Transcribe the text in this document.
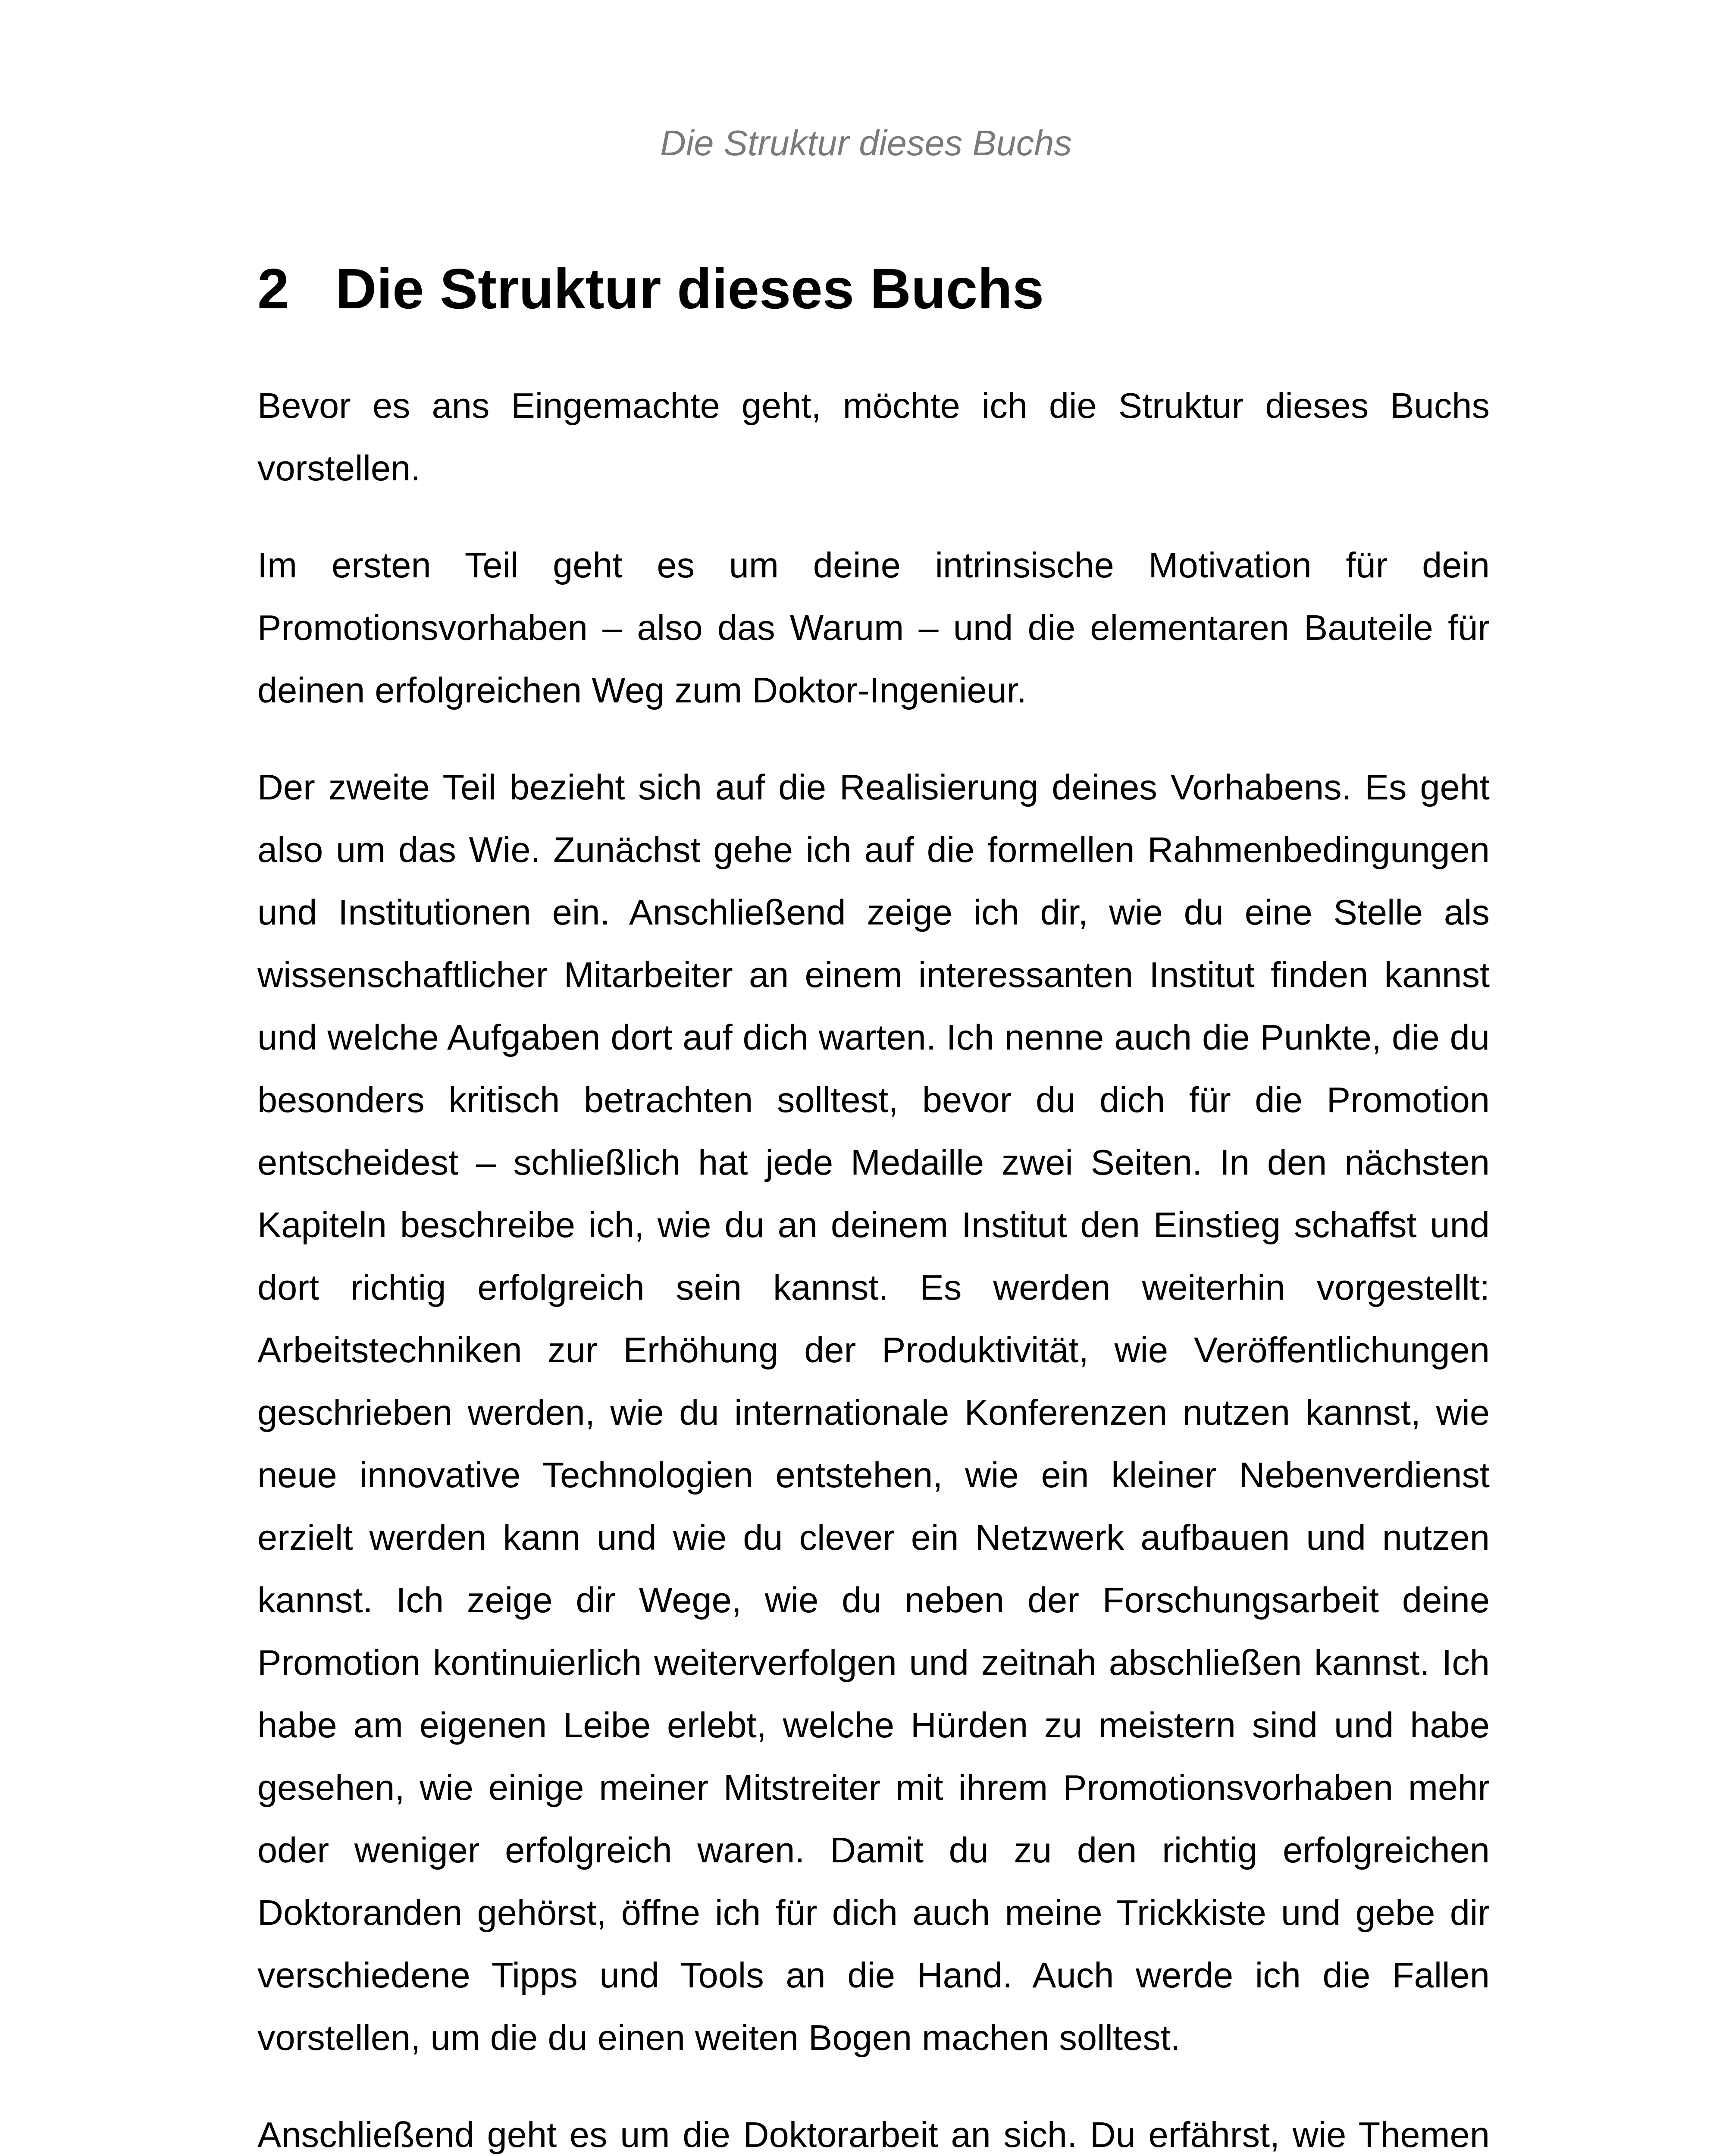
Die Struktur dieses Buchs
2 Die Struktur dieses Buchs

Bevor es ans Eingemachte geht, möchte ich die Struktur dieses Buchs vorstellen.

Im ersten Teil geht es um deine intrinsische Motivation für dein Promotionsvorhaben – also das Warum – und die elementaren Bauteile für deinen erfolgreichen Weg zum Doktor-Ingenieur.

Der zweite Teil bezieht sich auf die Realisierung deines Vorhabens. Es geht also um das Wie. Zunächst gehe ich auf die formellen Rahmenbedingungen und Institutionen ein. Anschließend zeige ich dir, wie du eine Stelle als wissenschaftlicher Mitarbeiter an einem interessanten Institut finden kannst und welche Aufgaben dort auf dich warten. Ich nenne auch die Punkte, die du besonders kritisch betrachten solltest, bevor du dich für die Promotion entscheidest – schließlich hat jede Medaille zwei Seiten. In den nächsten Kapiteln beschreibe ich, wie du an deinem Institut den Einstieg schaffst und dort richtig erfolgreich sein kannst. Es werden weiterhin vorgestellt: Arbeitstechniken zur Erhöhung der Produktivität, wie Veröffentlichungen geschrieben werden, wie du internationale Konferenzen nutzen kannst, wie neue innovative Technologien entstehen, wie ein kleiner Nebenverdienst erzielt werden kann und wie du clever ein Netzwerk aufbauen und nutzen kannst. Ich zeige dir Wege, wie du neben der Forschungsarbeit deine Promotion kontinuierlich weiterverfolgen und zeitnah abschließen kannst. Ich habe am eigenen Leibe erlebt, welche Hürden zu meistern sind und habe gesehen, wie einige meiner Mitstreiter mit ihrem Promotionsvorhaben mehr oder weniger erfolgreich waren. Damit du zu den richtig erfolgreichen Doktoranden gehörst, öffne ich für dich auch meine Trickkiste und gebe dir verschiedene Tipps und Tools an die Hand. Auch werde ich die Fallen vorstellen, um die du einen weiten Bogen machen solltest.

Anschließend geht es um die Doktorarbeit an sich. Du erfährst, wie Themen
